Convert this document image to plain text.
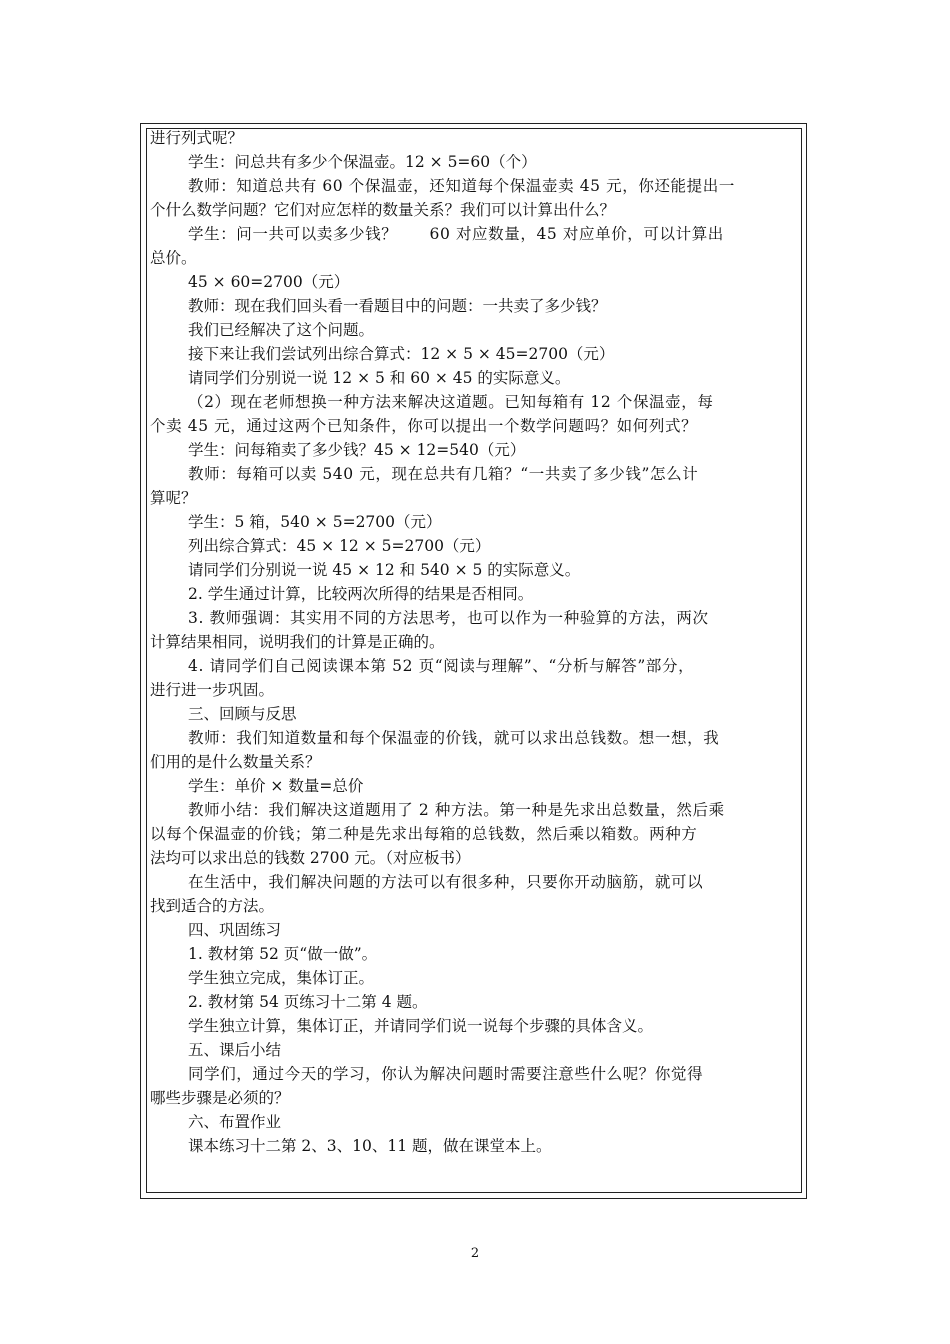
进行列式呢？
学生：问总共有多少个保温壶。12 × 5=60（个）
教师：知道总共有 60 个保温壶，还知道每个保温壶卖 45 元，你还能提出一
个什么数学问题？它们对应怎样的数量关系？我们可以计算出什么？
学生：问一共可以卖多少钱？　　60 对应数量，45 对应单价，可以计算出
总价。
45 × 60=2700（元）
教师：现在我们回头看一看题目中的问题：一共卖了多少钱？
我们已经解决了这个问题。
接下来让我们尝试列出综合算式：12 × 5 × 45=2700（元）
请同学们分别说一说 12 × 5 和 60 × 45 的实际意义。
（2）现在老师想换一种方法来解决这道题。已知每箱有 12 个保温壶，每
个卖 45 元，通过这两个已知条件，你可以提出一个数学问题吗？如何列式？
学生：问每箱卖了多少钱？45 × 12=540（元）
教师：每箱可以卖 540 元，现在总共有几箱？“一共卖了多少钱”怎么计
算呢？
学生：5 箱，540 × 5=2700（元）
列出综合算式：45 × 12 × 5=2700（元）
请同学们分别说一说 45 × 12 和 540 × 5 的实际意义。
2. 学生通过计算，比较两次所得的结果是否相同。
3. 教师强调：其实用不同的方法思考，也可以作为一种验算的方法，两次
计算结果相同，说明我们的计算是正确的。
4. 请同学们自己阅读课本第 52 页“阅读与理解”、“分析与解答”部分，
进行进一步巩固。
三、回顾与反思
教师：我们知道数量和每个保温壶的价钱，就可以求出总钱数。想一想，我
们用的是什么数量关系？
学生：单价 × 数量=总价
教师小结：我们解决这道题用了 2 种方法。第一种是先求出总数量，然后乘
以每个保温壶的价钱；第二种是先求出每箱的总钱数，然后乘以箱数。两种方
法均可以求出总的钱数 2700 元。（对应板书）
在生活中，我们解决问题的方法可以有很多种，只要你开动脑筋，就可以
找到适合的方法。
四、巩固练习
1. 教材第 52 页“做一做”。
学生独立完成，集体订正。
2. 教材第 54 页练习十二第 4 题。
学生独立计算，集体订正，并请同学们说一说每个步骤的具体含义。
五、课后小结
同学们，通过今天的学习，你认为解决问题时需要注意些什么呢？你觉得
哪些步骤是必须的？
六、布置作业
课本练习十二第 2、3、10、11 题，做在课堂本上。
2
